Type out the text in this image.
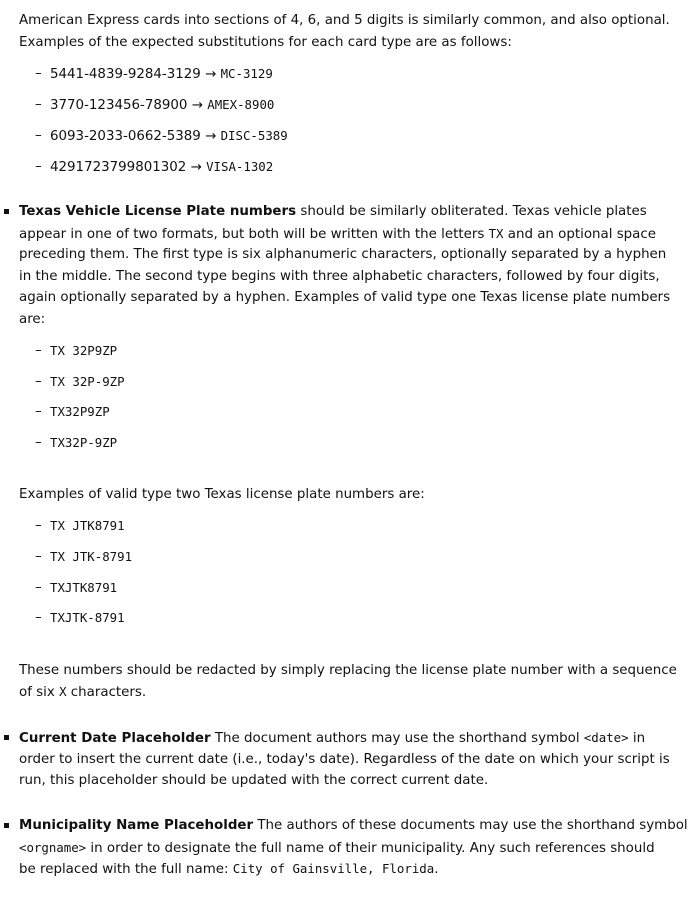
American Express cards into sections of 4, 6, and 5 digits is similarly common, and also optional.
Examples of the expected substitutions for each card type are as follows:
– 5441-4839-9284-3129 → MC-3129
– 3770-123456-78900 → AMEX-8900
– 6093-2033-0662-5389 → DISC-5389
– 4291723799801302 → VISA-1302
Texas Vehicle License Plate numbers should be similarly obliterated. Texas vehicle plates
appear in one of two formats, but both will be written with the letters TX and an optional space
preceding them. The first type is six alphanumeric characters, optionally separated by a hyphen
in the middle. The second type begins with three alphabetic characters, followed by four digits,
again optionally separated by a hyphen. Examples of valid type one Texas license plate numbers
are:
– TX 32P9ZP
– TX 32P-9ZP
– TX32P9ZP
– TX32P-9ZP
Examples of valid type two Texas license plate numbers are:
– TX JTK8791
– TX JTK-8791
– TXJTK8791
– TXJTK-8791
These numbers should be redacted by simply replacing the license plate number with a sequence
of six X characters.
Current Date Placeholder The document authors may use the shorthand symbol <date> in
order to insert the current date (i.e., today's date). Regardless of the date on which your script is
run, this placeholder should be updated with the correct current date.
Municipality Name Placeholder The authors of these documents may use the shorthand symbol
<orgname> in order to designate the full name of their municipality. Any such references should
be replaced with the full name: City of Gainsville, Florida.
